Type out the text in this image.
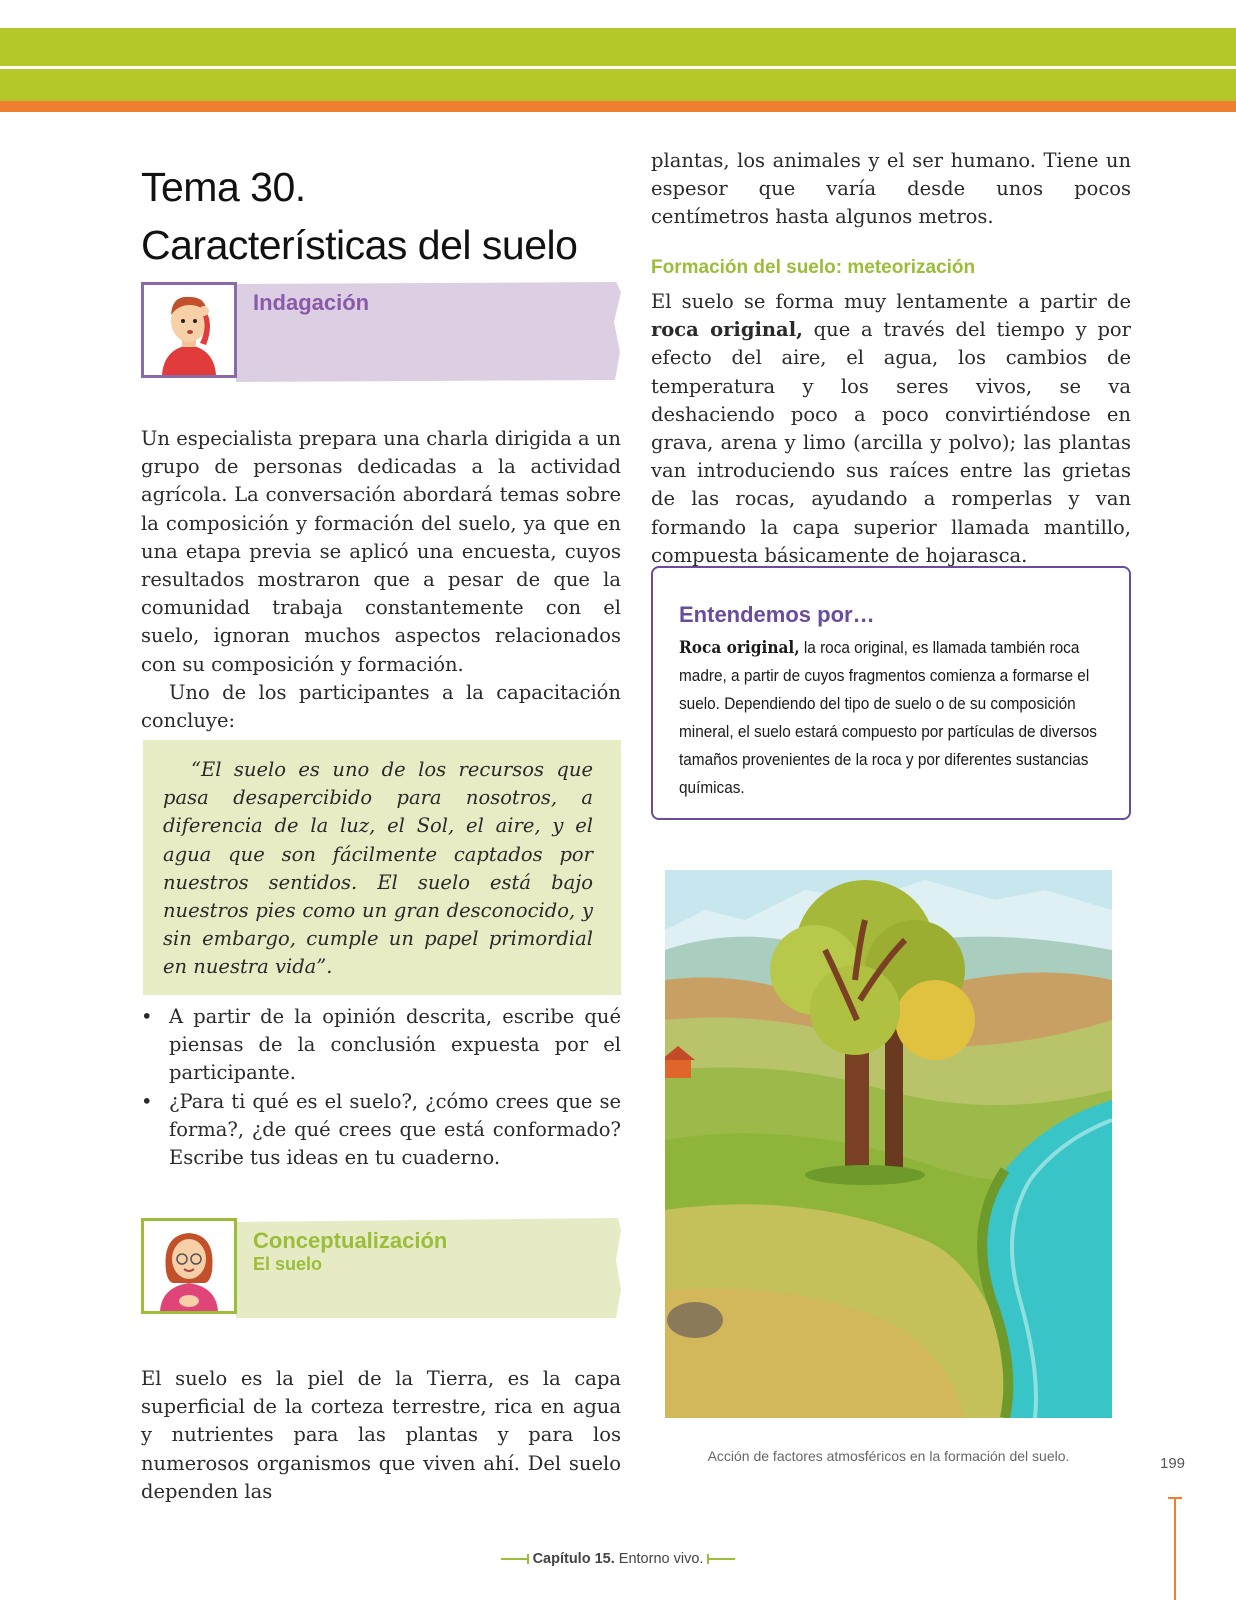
Tema 30.
Características del suelo
Indagación
Un especialista prepara una charla dirigida a un grupo de personas dedicadas a la actividad agrícola. La conversación abordará temas sobre la composición y formación del suelo, ya que en una etapa previa se aplicó una encuesta, cuyos resultados mostraron que a pesar de que la comunidad trabaja constantemente con el suelo, ignoran muchos aspectos relacionados con su composición y formación.
Uno de los participantes a la capacitación concluye:

“El suelo es uno de los recursos que pasa desapercibido para nosotros, a diferencia de la luz, el Sol, el aire, y el agua que son fácilmente captados por nuestros sentidos. El suelo está bajo nuestros pies como un gran desconocido, y sin embargo, cumple un papel primordial en nuestra vida”.

• A partir de la opinión descrita, escribe qué piensas de la conclusión expuesta por el participante.
• ¿Para ti qué es el suelo?, ¿cómo crees que se forma?, ¿de qué crees que está conformado? Escribe tus ideas en tu cuaderno.
Conceptualización
El suelo
El suelo es la piel de la Tierra, es la capa superficial de la corteza terrestre, rica en agua y nutrientes para las plantas y para los numerosos organismos que viven ahí. Del suelo dependen las
plantas, los animales y el ser humano. Tiene un espesor que varía desde unos pocos centímetros hasta algunos metros.
Formación del suelo: meteorización
El suelo se forma muy lentamente a partir de roca original, que a través del tiempo y por efecto del aire, el agua, los cambios de temperatura y los seres vivos, se va deshaciendo poco a poco convirtiéndose en grava, arena y limo (arcilla y polvo); las plantas van introduciendo sus raíces entre las grietas de las rocas, ayudando a romperlas y van formando la capa superior llamada mantillo, compuesta básicamente de hojarasca.
Entendemos por…
Roca original, la roca original, es llamada también roca madre, a partir de cuyos fragmentos comienza a formarse el suelo. Dependiendo del tipo de suelo o de su composición mineral, el suelo estará compuesto por partículas de diversos tamaños provenientes de la roca y por diferentes sustancias químicas.
Acción de factores atmosféricos en la formación del suelo.	199
Capítulo 15. Entorno vivo.
